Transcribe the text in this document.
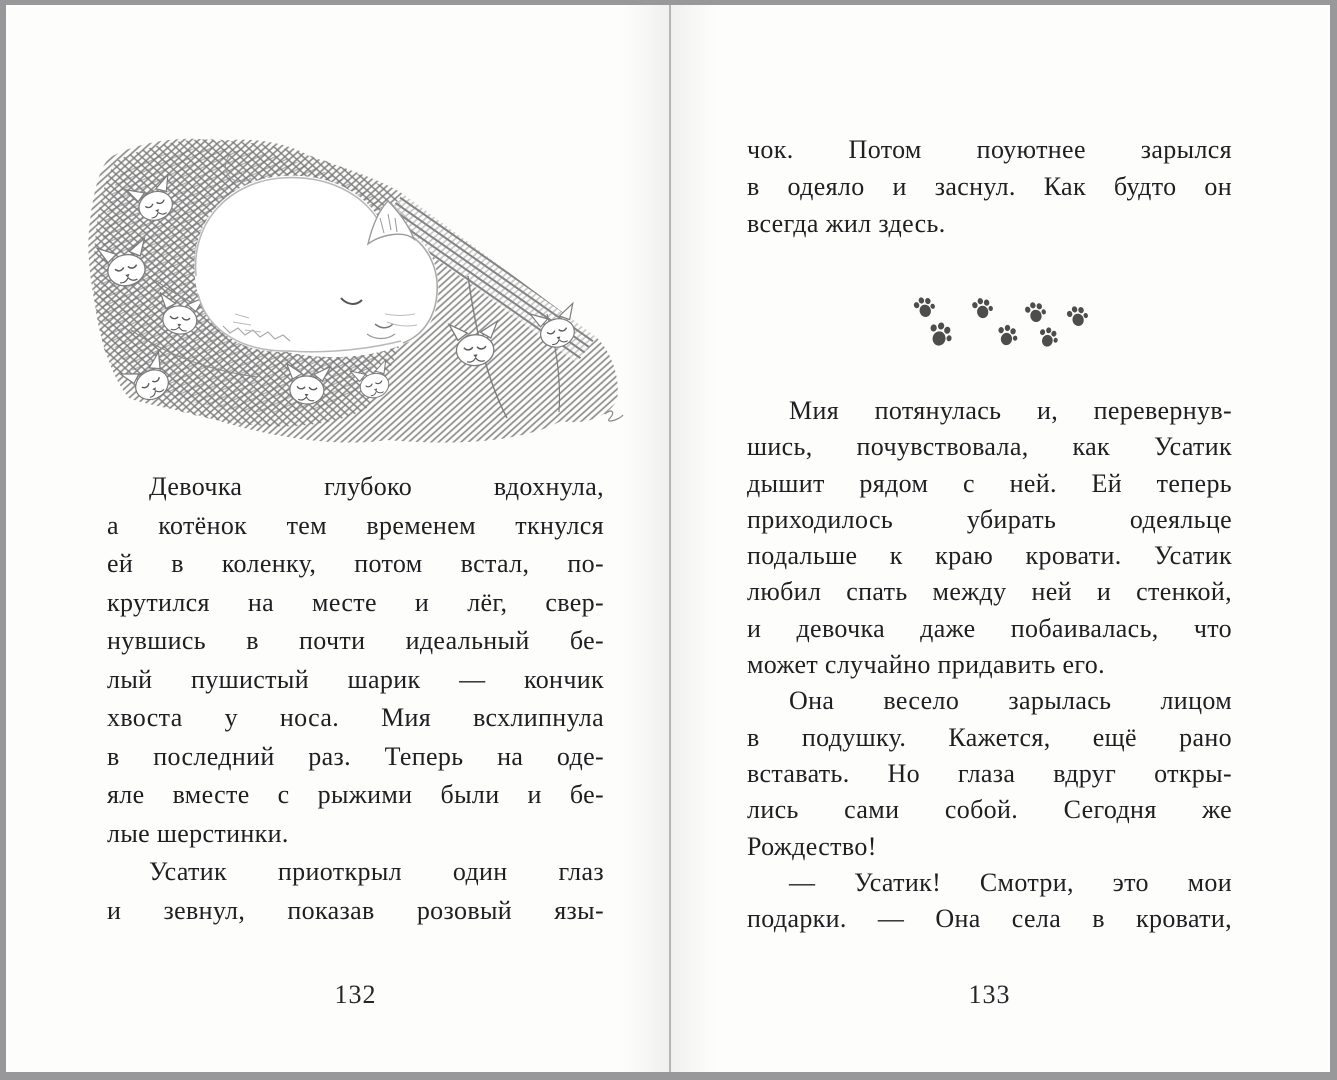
Девочка глубоко вдохнула,
а котёнок тем временем ткнулся
ей в коленку, потом встал, по-
крутился на месте и лёг, свер-
нувшись в почти идеальный бе-
лый пушистый шарик — кончик
хвоста у носа. Мия всхлипнула
в последний раз. Теперь на оде-
яле вместе с рыжими были и бе-
лые шерстинки.
Усатик приоткрыл один глаз
и зевнул, показав розовый язы-
132
чок. Потом поуютнее зарылся
в одеяло и заснул. Как будто он
всегда жил здесь.
Мия потянулась и, перевернув-
шись, почувствовала, как Усатик
дышит рядом с ней. Ей теперь
приходилось убирать одеяльце
подальше к краю кровати. Усатик
любил спать между ней и стенкой,
и девочка даже побаивалась, что
может случайно придавить его.
Она весело зарылась лицом
в подушку. Кажется, ещё рано
вставать. Но глаза вдруг откры-
лись сами собой. Сегодня же
Рождество!
— Усатик! Смотри, это мои
подарки. — Она села в кровати,
133
